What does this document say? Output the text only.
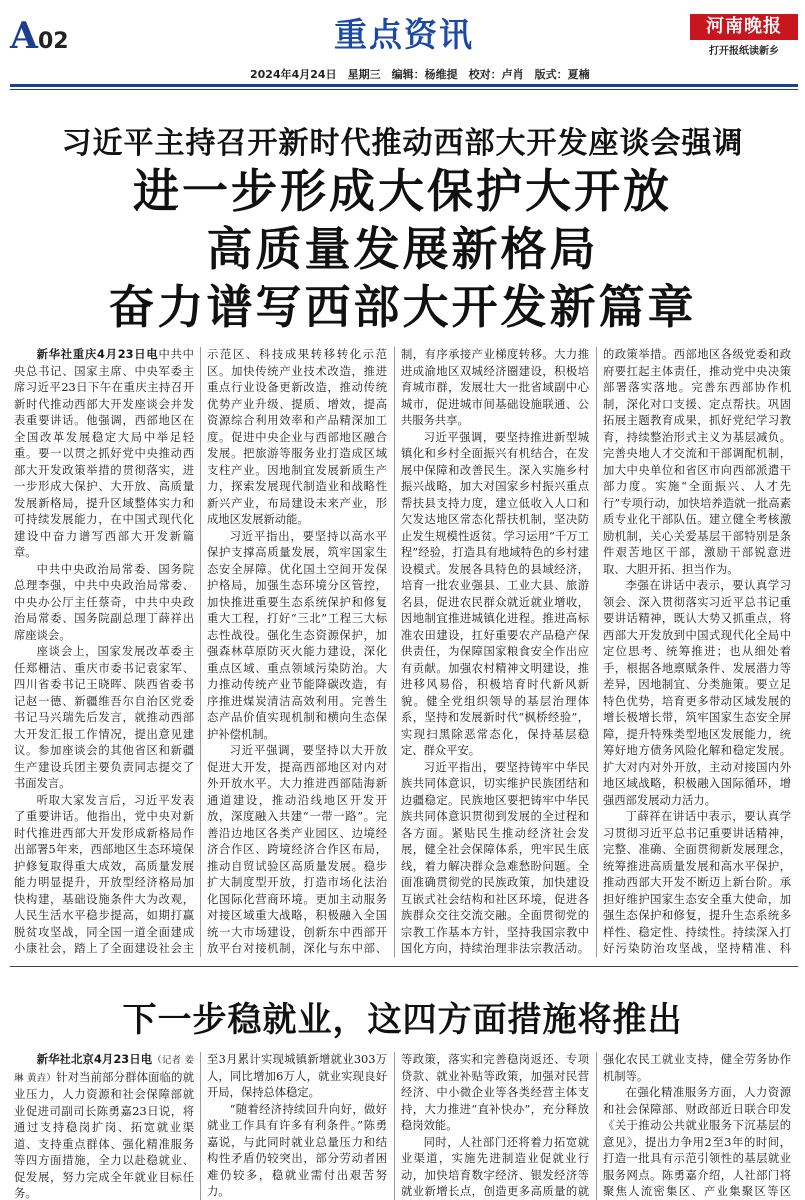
A02	重点资讯	河南晚报
打开报纸读新乡
2024年4月24日　星期三　编辑：杨维提　校对：卢肖　版式：夏楠
习近平主持召开新时代推动西部大开发座谈会强调
进一步形成大保护大开放
高质量发展新格局
奋力谱写西部大开发新篇章

新华社重庆4月23日电中共中央总书记、国家主席、中央军委主席习近平23日下午在重庆主持召开新时代推动西部大开发座谈会并发表重要讲话。他强调，西部地区在全国改革发展稳定大局中举足轻重。要一以贯之抓好党中央推动西部大开发政策举措的贯彻落实，进一步形成大保护、大开放、高质量发展新格局，提升区域整体实力和可持续发展能力，在中国式现代化建设中奋力谱写西部大开发新篇章。

中共中央政治局常委、国务院总理李强，中共中央政治局常委、中央办公厅主任蔡奇，中共中央政治局常委、国务院副总理丁薛祥出席座谈会。

座谈会上，国家发展改革委主任郑栅洁、重庆市委书记袁家军、四川省委书记王晓晖、陕西省委书记赵一德、新疆维吾尔自治区党委书记马兴瑞先后发言，就推动西部大开发汇报工作情况，提出意见建议。参加座谈会的其他省区和新疆生产建设兵团主要负责同志提交了书面发言。

听取大家发言后，习近平发表了重要讲话。他指出，党中央对新时代推进西部大开发形成新格局作出部署5年来，西部地区生态环境保护修复取得重大成效，高质量发展能力明显提升，开放型经济格局加快构建，基础设施条件大为改观，人民生活水平稳步提高，如期打赢脱贫攻坚战，同全国一道全面建成小康社会，踏上了全面建设社会主

示范区、科技成果转移转化示范区。加快传统产业技术改造，推进重点行业设备更新改造，推动传统优势产业升级、提质、增效，提高资源综合利用效率和产品精深加工度。促进中央企业与西部地区融合发展。把旅游等服务业打造成区域支柱产业。因地制宜发展新质生产力，探索发展现代制造业和战略性新兴产业，布局建设未来产业，形成地区发展新动能。

习近平指出，要坚持以高水平保护支撑高质量发展，筑牢国家生态安全屏障。优化国土空间开发保护格局，加强生态环境分区管控，加快推进重要生态系统保护和修复重大工程，打好“三北”工程三大标志性战役。强化生态资源保护，加强森林草原防灭火能力建设，深化重点区域、重点领域污染防治。大力推动传统产业节能降碳改造，有序推进煤炭清洁高效利用。完善生态产品价值实现机制和横向生态保护补偿机制。

习近平强调，要坚持以大开放促进大开发，提高西部地区对内对外开放水平。大力推进西部陆海新通道建设，推动沿线地区开发开放，深度融入共建“一带一路”。完善沿边地区各类产业园区、边境经济合作区、跨境经济合作区布局，推动自贸试验区高质量发展。稳步扩大制度型开放，打造市场化法治化国际化营商环境。更加主动服务对接区域重大战略，积极融入全国统一大市场建设，创新东中西部开放平台对接机制，深化与东中部、

制，有序承接产业梯度转移。大力推进成渝地区双城经济圈建设，积极培育城市群，发展壮大一批省域副中心城市，促进城市间基础设施联通、公共服务共享。

习近平强调，要坚持推进新型城镇化和乡村全面振兴有机结合，在发展中保障和改善民生。深入实施乡村振兴战略，加大对国家乡村振兴重点帮扶县支持力度，建立低收入人口和欠发达地区常态化帮扶机制，坚决防止发生规模性返贫。学习运用“千万工程”经验，打造具有地域特色的乡村建设模式。发展各具特色的县域经济，培育一批农业强县、工业大县、旅游名县，促进农民群众就近就业增收，因地制宜推进城镇化进程。推进高标准农田建设，扛好重要农产品稳产保供责任，为保障国家粮食安全作出应有贡献。加强农村精神文明建设，推进移风易俗，积极培育时代新风新貌。健全党组织领导的基层治理体系，坚持和发展新时代“枫桥经验”，实现扫黑除恶常态化，保持基层稳定、群众平安。

习近平指出，要坚持铸牢中华民族共同体意识，切实维护民族团结和边疆稳定。民族地区要把铸牢中华民族共同体意识贯彻到发展的全过程和各方面。紧贴民生推动经济社会发展，健全社会保障体系，兜牢民生底线，着力解决群众急难愁盼问题。全面准确贯彻党的民族政策，加快建设互嵌式社会结构和社区环境，促进各族群众交往交流交融。全面贯彻党的宗教工作基本方针，坚持我国宗教中国化方向，持续治理非法宗教活动。

的政策举措。西部地区各级党委和政府要扛起主体责任，推动党中央决策部署落实落地。完善东西部协作机制，深化对口支援、定点帮扶。巩固拓展主题教育成果，抓好党纪学习教育，持续整治形式主义为基层减负。完善央地人才交流和干部调配机制，加大中央单位和省区市向西部派遣干部力度。实施“全面振兴、人才先行”专项行动，加快培养造就一批高素质专业化干部队伍。建立健全考核激励机制，关心关爱基层干部特别是条件艰苦地区干部，激励干部锐意进取、大胆开拓、担当作为。

李强在讲话中表示，要认真学习领会、深入贯彻落实习近平总书记重要讲话精神，既认大势又抓重点，将西部大开发放到中国式现代化全局中定位思考、统筹推进；也从细处着手，根据各地禀赋条件、发展潜力等差异，因地制宜、分类施策。要立足特色优势，培育更多带动区域发展的增长极增长带，筑牢国家生态安全屏障，提升特殊类型地区发展能力，统筹好地方债务风险化解和稳定发展。扩大对内对外开放，主动对接国内外地区域战略，积极融入国际循环，增强西部发展动力活力。

丁薛祥在讲话中表示，要认真学习贯彻习近平总书记重要讲话精神，完整、准确、全面贯彻新发展理念，统筹推进高质量发展和高水平保护，推动西部大开发不断迈上新台阶。承担好维护国家生态安全重大使命，加强生态保护和修复，提升生态系统多样性、稳定性、持续性。持续深入打好污染防治攻坚战，坚持精准、科

下一步稳就业，这四方面措施将推出

新华社北京4月23日电（记者 姜琳 黄垚）针对当前部分群体面临的就业压力，人力资源和社会保障部就业促进司副司长陈勇嘉23日说，将通过支持稳岗扩岗、拓宽就业渠道、支持重点群体、强化精准服务等四方面措施，全力以赴稳就业、促发展，努力完成全年就业目标任务。

至3月累计实现城镇新增就业303万人，同比增加6万人，就业实现良好开局，保持总体稳定。

“随着经济持续回升向好，做好就业工作具有许多有利条件。”陈勇嘉说，与此同时就业总量压力和结构性矛盾仍较突出，部分劳动者困难仍较多，稳就业需付出艰苦努力。

等政策，落实和完善稳岗返还、专项贷款、就业补贴等政策，加强对民营经济、中小微企业等各类经营主体支持，大力推进“直补快办”，充分释放稳岗效能。

同时，人社部门还将着力拓宽就业渠道，实施先进制造业促就业行动，加快培育数字经济、银发经济等就业新增长点，创造更多高质量的就

强化农民工就业支持，健全劳务协作机制等。

在强化精准服务方面，人力资源和社会保障部、财政部近日联合印发《关于推动公共就业服务下沉基层的意见》，提出力争用2至3年的时间，打造一批具有示范引领性的基层就业服务网点。陈勇嘉介绍，人社部门将聚焦人流密集区、产业集聚区等区
